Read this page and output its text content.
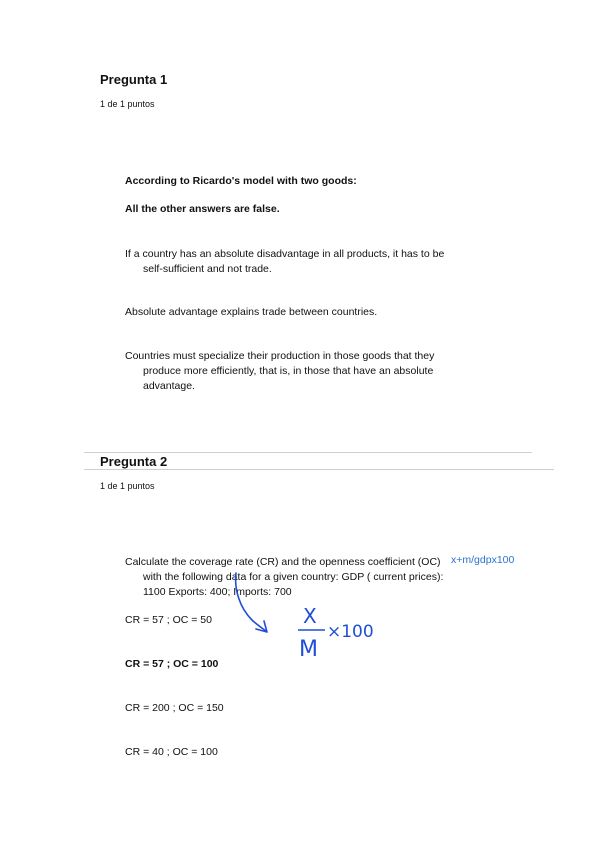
Pregunta 1
1 de 1 puntos
According to Ricardo's model with two goods:
All the other answers are false.
If a country has an absolute disadvantage in all products, it has to be self-sufficient and not trade.
Absolute advantage explains trade between countries.
Countries must specialize their production in those goods that they produce more efficiently, that is, in those that have an absolute advantage.
Pregunta 2
1 de 1 puntos
Calculate the coverage rate (CR) and the openness coefficient (OC) with the following data for a given country: GDP ( current prices): 1100 Exports: 400; Imports: 700
x+m/gdpx100
CR = 57 ; OC = 50
CR = 57 ; OC = 100
CR = 200 ; OC = 150
CR = 40 ; OC = 100
X
M
×100
